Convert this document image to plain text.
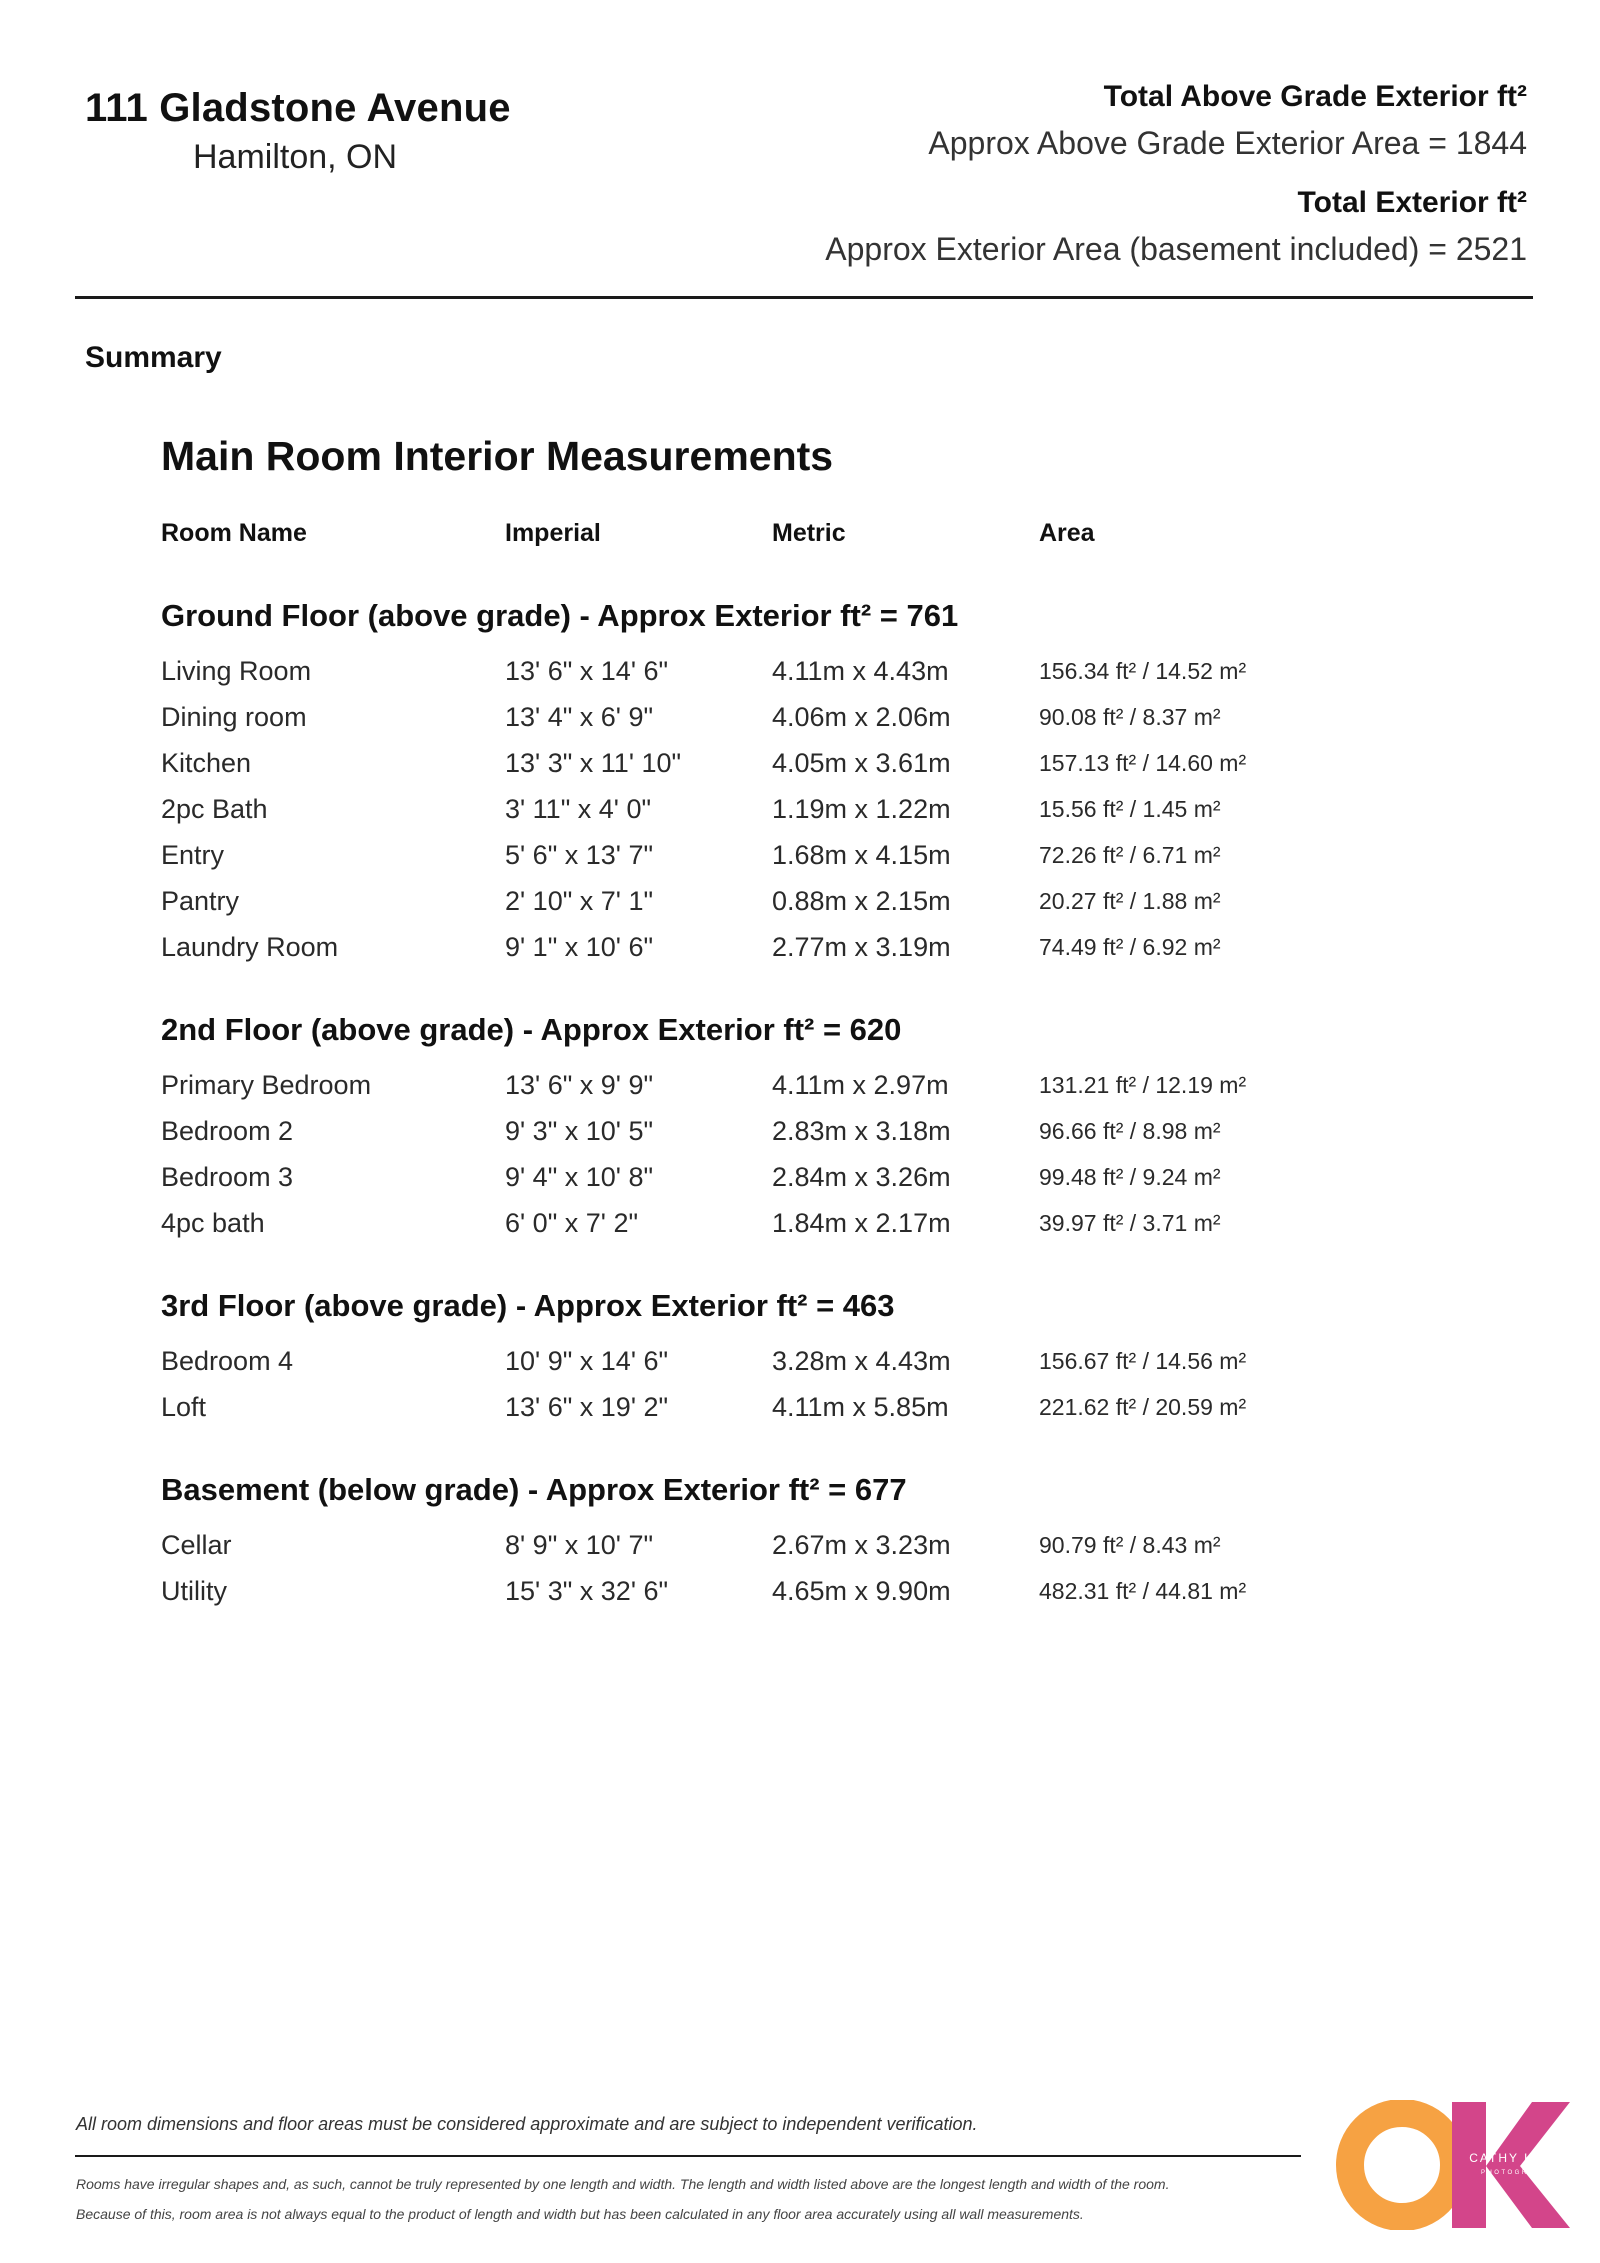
111 Gladstone Avenue
Hamilton, ON
Total Above Grade Exterior ft²
Approx Above Grade Exterior Area = 1844
Total Exterior ft²
Approx Exterior Area (basement included) = 2521
Summary
Main Room Interior Measurements
Room Name	Imperial	Metric	Area
Ground Floor (above grade) - Approx Exterior ft² = 761
Living Room	13' 6" x 14' 6"	4.11m x 4.43m	156.34 ft² / 14.52 m²
Dining room	13' 4" x 6' 9"	4.06m x 2.06m	90.08 ft² / 8.37 m²
Kitchen	13' 3" x 11' 10"	4.05m x 3.61m	157.13 ft² / 14.60 m²
2pc Bath	3' 11" x 4' 0"	1.19m x 1.22m	15.56 ft² / 1.45 m²
Entry	5' 6" x 13' 7"	1.68m x 4.15m	72.26 ft² / 6.71 m²
Pantry	2' 10" x 7' 1"	0.88m x 2.15m	20.27 ft² / 1.88 m²
Laundry Room	9' 1" x 10' 6"	2.77m x 3.19m	74.49 ft² / 6.92 m²
2nd Floor (above grade) - Approx Exterior ft² = 620
Primary Bedroom	13' 6" x 9' 9"	4.11m x 2.97m	131.21 ft² / 12.19 m²
Bedroom 2	9' 3" x 10' 5"	2.83m x 3.18m	96.66 ft² / 8.98 m²
Bedroom 3	9' 4" x 10' 8"	2.84m x 3.26m	99.48 ft² / 9.24 m²
4pc bath	6' 0" x 7' 2"	1.84m x 2.17m	39.97 ft² / 3.71 m²
3rd Floor (above grade) - Approx Exterior ft² = 463
Bedroom 4	10' 9" x 14' 6"	3.28m x 4.43m	156.67 ft² / 14.56 m²
Loft	13' 6" x 19' 2"	4.11m x 5.85m	221.62 ft² / 20.59 m²
Basement (below grade) - Approx Exterior ft² = 677
Cellar	8' 9" x 10' 7"	2.67m x 3.23m	90.79 ft² / 8.43 m²
Utility	15' 3" x 32' 6"	4.65m x 9.90m	482.31 ft² / 44.81 m²
All room dimensions and floor areas must be considered approximate and are subject to independent verification.
Rooms have irregular shapes and, as such, cannot be truly represented by one length and width. The length and width listed above are the longest length and width of the room.
Because of this, room area is not always equal to the product of length and width but has been calculated in any floor area accurately using all wall measurements.
CATHY KOOP
PHOTOGRAPHY
